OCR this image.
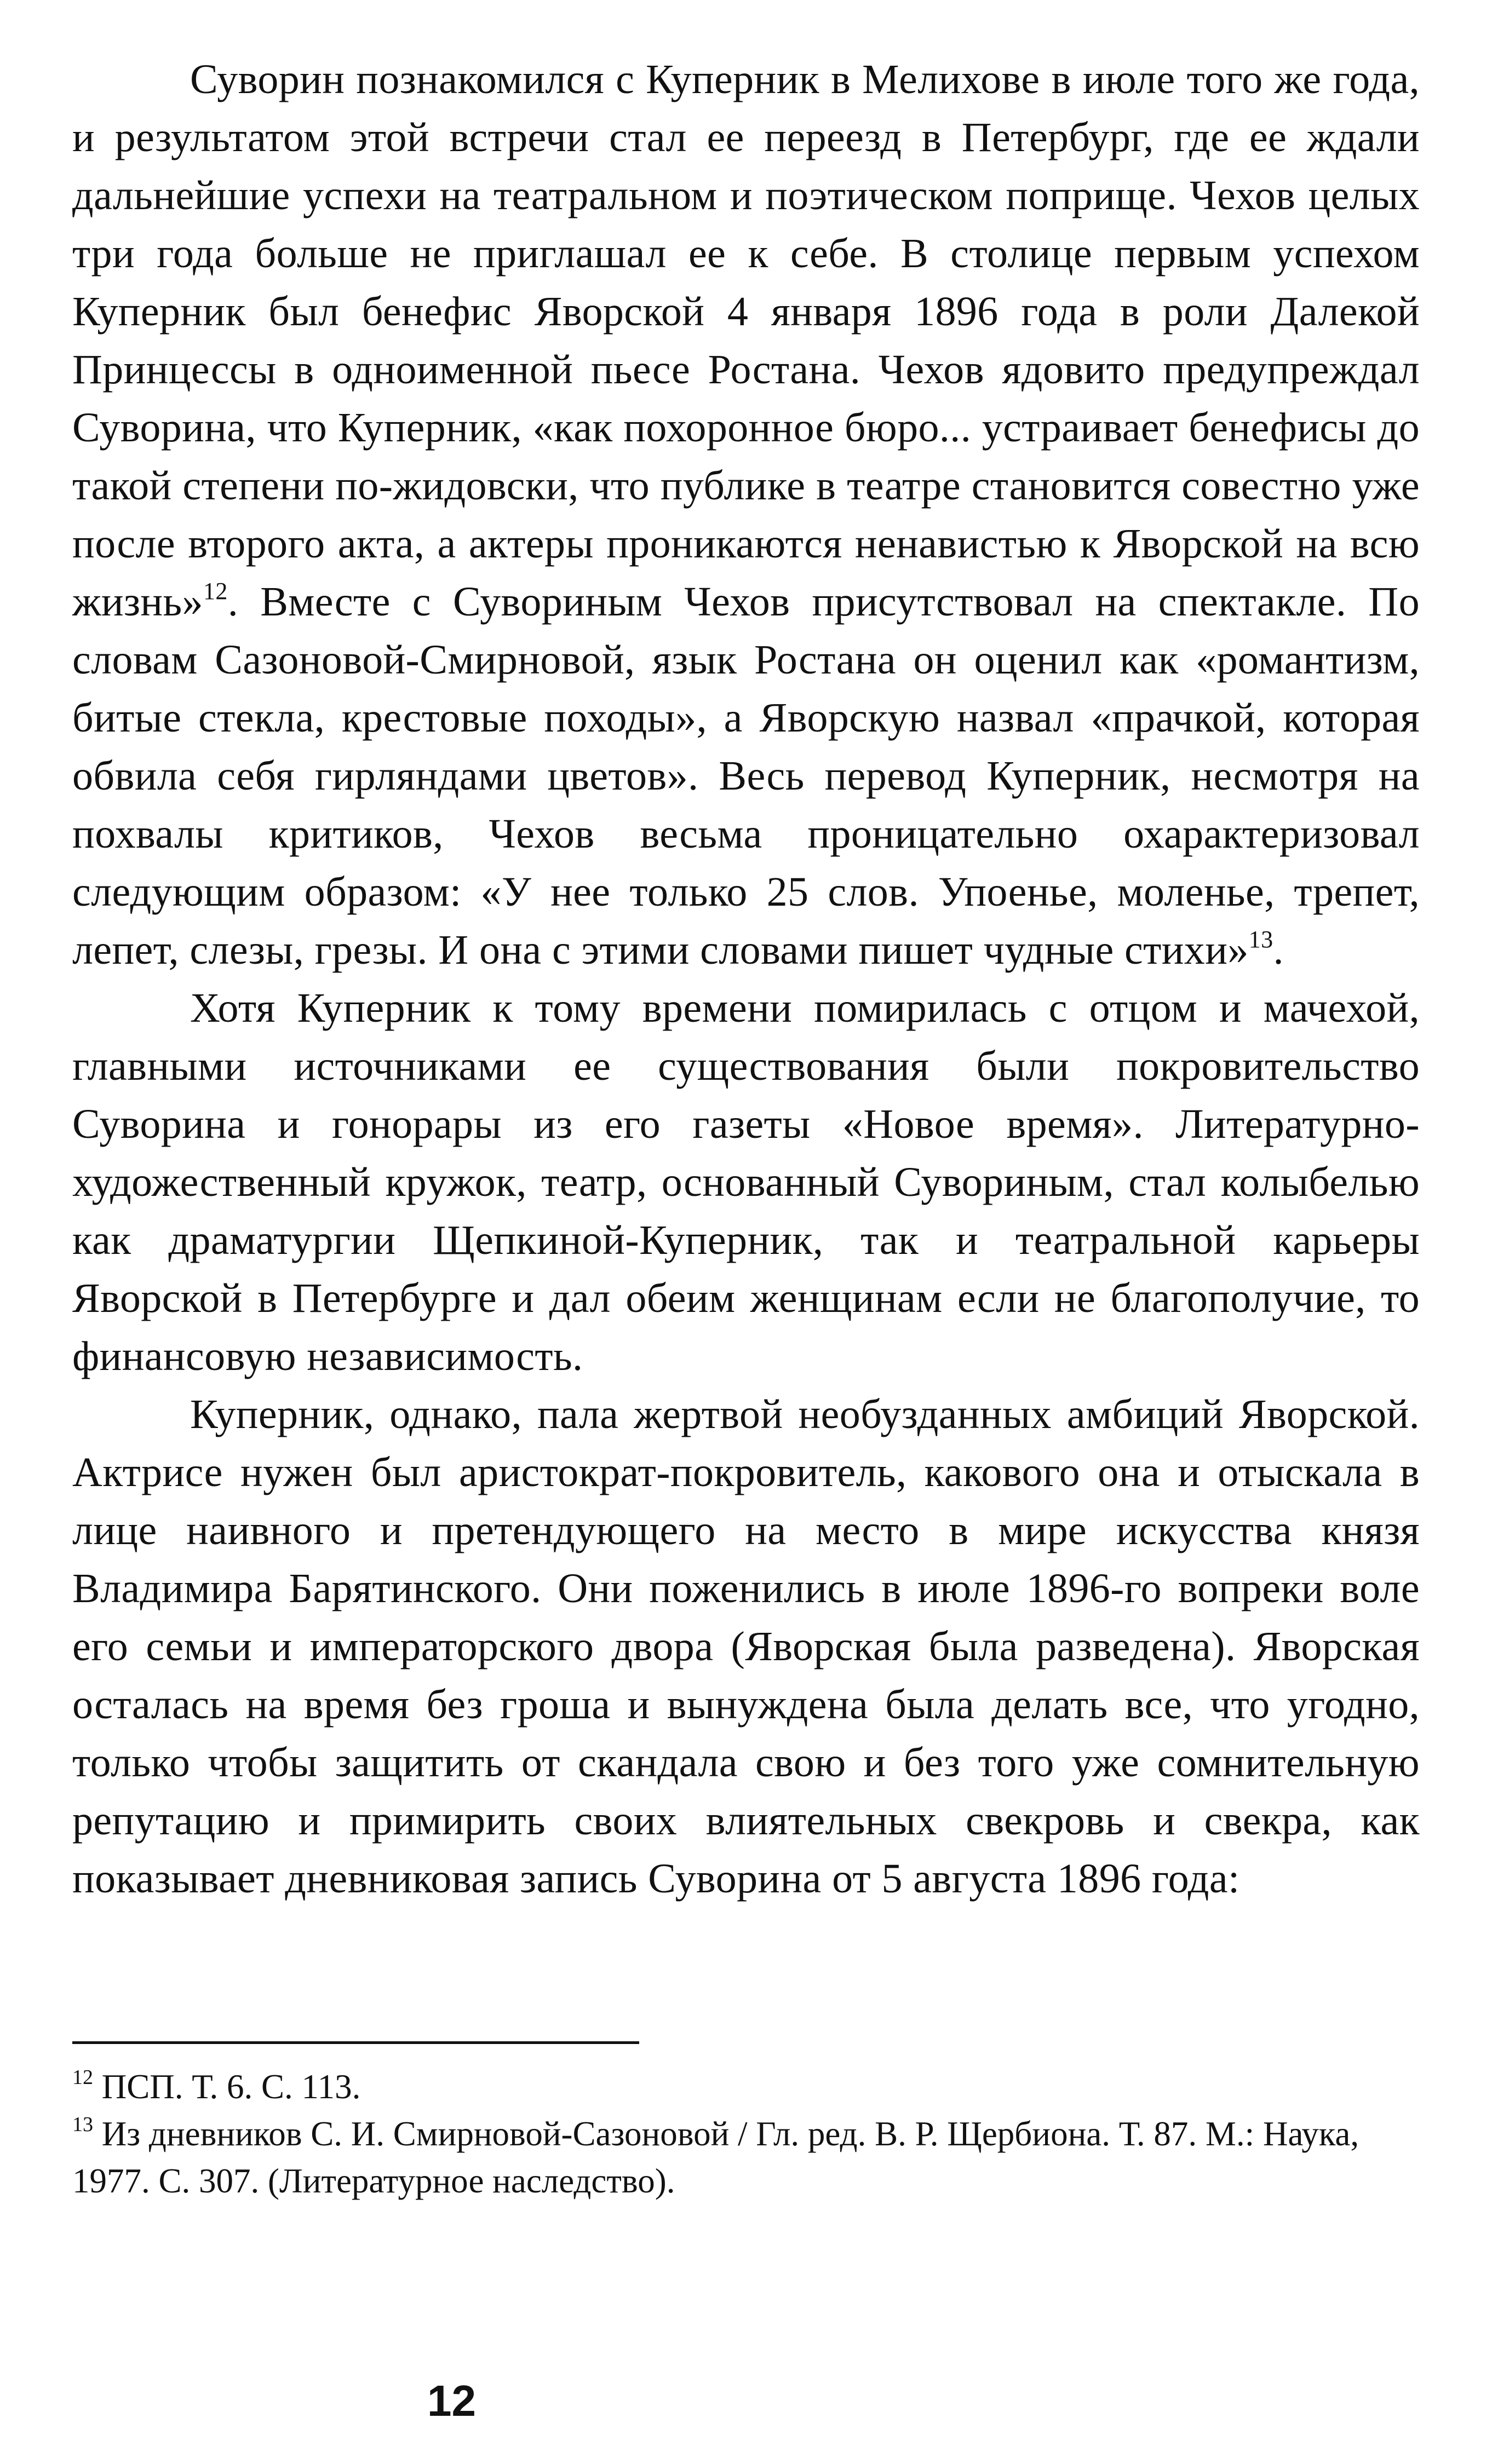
Суворин познакомился с Куперник в Мелихове в июле того же года, и результатом этой встречи стал ее переезд в Петербург, где ее ждали дальнейшие успехи на театральном и поэтическом поприще. Чехов целых три года больше не приглашал ее к себе. В столице первым успехом Куперник был бенефис Яворской 4 января 1896 года в роли Далекой Принцессы в одноименной пьесе Ростана. Чехов ядовито предупреждал Суворина, что Куперник, «как похоронное бюро... устраивает бенефисы до такой степени по-жидовски, что публике в театре становится совестно уже после второго акта, а актеры проникаются ненавистью к Яворской на всю жизнь»$^{12}$. Вместе с Сувориным Чехов присутствовал на спектакле. По словам Сазоновой-Смирновой, язык Ростана он оценил как «романтизм, битые стекла, крестовые походы», а Яворскую назвал «прачкой, которая обвила себя гирляндами цветов». Весь перевод Куперник, несмотря на похвалы критиков, Чехов весьма проницательно охарактеризовал следующим образом: «У нее только 25 слов. Упоенье, моленье, трепет, лепет, слезы, грезы. И она с этими словами пишет чудные стихи»$^{13}$.

Хотя Куперник к тому времени помирилась с отцом и мачехой, главными источниками ее существования были покровительство Суворина и гонорары из его газеты «Новое время». Литературно-художественный кружок, театр, основанный Сувориным, стал колыбелью как драматургии Щепкиной-Куперник, так и театральной карьеры Яворской в Петербурге и дал обеим женщинам если не благополучие, то финансовую независимость.

Куперник, однако, пала жертвой необузданных амбиций Яворской. Актрисе нужен был аристократ-покровитель, какового она и отыскала в лице наивного и претендующего на место в мире искусства князя Владимира Барятинского. Они поженились в июле 1896-го вопреки воле его семьи и императорского двора (Яворская была разведена). Яворская осталась на время без гроша и вынуждена была делать все, что угодно, только чтобы защитить от скандала свою и без того уже сомнительную репутацию и примирить своих влиятельных свекровь и свекра, как показывает дневниковая запись Суворина от 5 августа 1896 года:

$^{12}$ ПСП. Т. 6. С. 113.

$^{13}$ Из дневников С. И. Смирновой-Сазоновой / Гл. ред. В. Р. Щербиона. Т. 87. М.: Наука, 1977. С. 307. (Литературное наследство).

12
